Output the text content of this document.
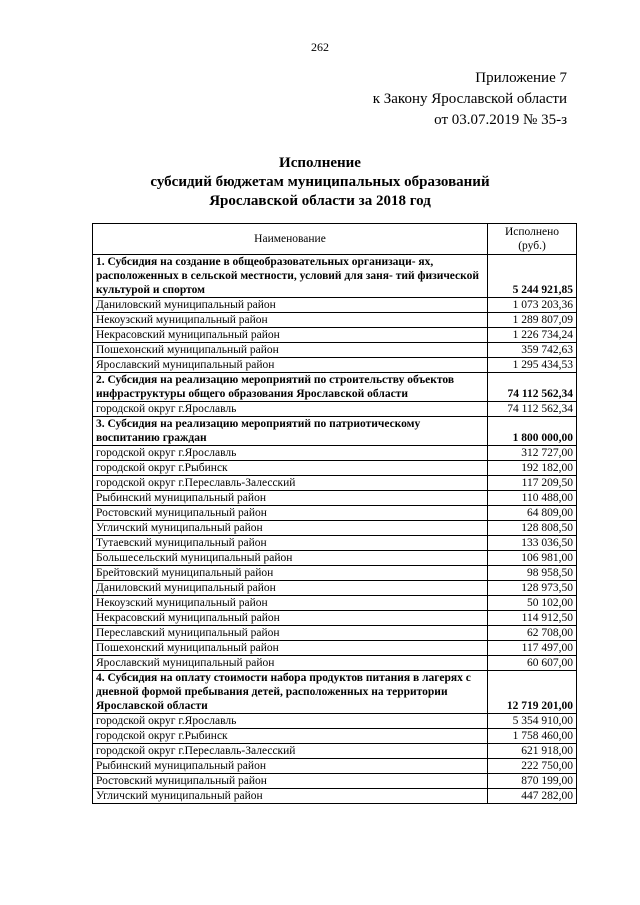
262
Приложение 7
к Закону Ярославской области
от 03.07.2019 № 35-з
Исполнение
субсидий бюджетам муниципальных образований
Ярославской области за 2018 год
Наименование	Исполнено (руб.)
1. Субсидия на создание в общеобразовательных организаци- ях, расположенных в сельской местности, условий для заня- тий физической культурой и спортом	5 244 921,85
Даниловский муниципальный район	1 073 203,36
Некоузский муниципальный район	1 289 807,09
Некрасовский муниципальный район	1 226 734,24
Пошехонский муниципальный район	359 742,63
Ярославский муниципальный район	1 295 434,53
2. Субсидия на реализацию мероприятий по строительству объектов инфраструктуры общего образования Ярославской области	74 112 562,34
городской округ г.Ярославль	74 112 562,34
3. Субсидия на реализацию мероприятий по патриотическому воспитанию граждан	1 800 000,00
городской округ г.Ярославль	312 727,00
городской округ г.Рыбинск	192 182,00
городской округ г.Переславль-Залесский	117 209,50
Рыбинский муниципальный район	110 488,00
Ростовский муниципальный район	64 809,00
Угличский муниципальный район	128 808,50
Тутаевский муниципальный район	133 036,50
Большесельский муниципальный район	106 981,00
Брейтовский муниципальный район	98 958,50
Даниловский муниципальный район	128 973,50
Некоузский муниципальный район	50 102,00
Некрасовский муниципальный район	114 912,50
Переславский муниципальный район	62 708,00
Пошехонский муниципальный район	117 497,00
Ярославский муниципальный район	60 607,00
4. Субсидия на оплату стоимости набора продуктов питания в лагерях с дневной формой пребывания детей, расположенных на территории Ярославской области	12 719 201,00
городской округ г.Ярославль	5 354 910,00
городской округ г.Рыбинск	1 758 460,00
городской округ г.Переславль-Залесский	621 918,00
Рыбинский муниципальный район	222 750,00
Ростовский муниципальный район	870 199,00
Угличский муниципальный район	447 282,00
